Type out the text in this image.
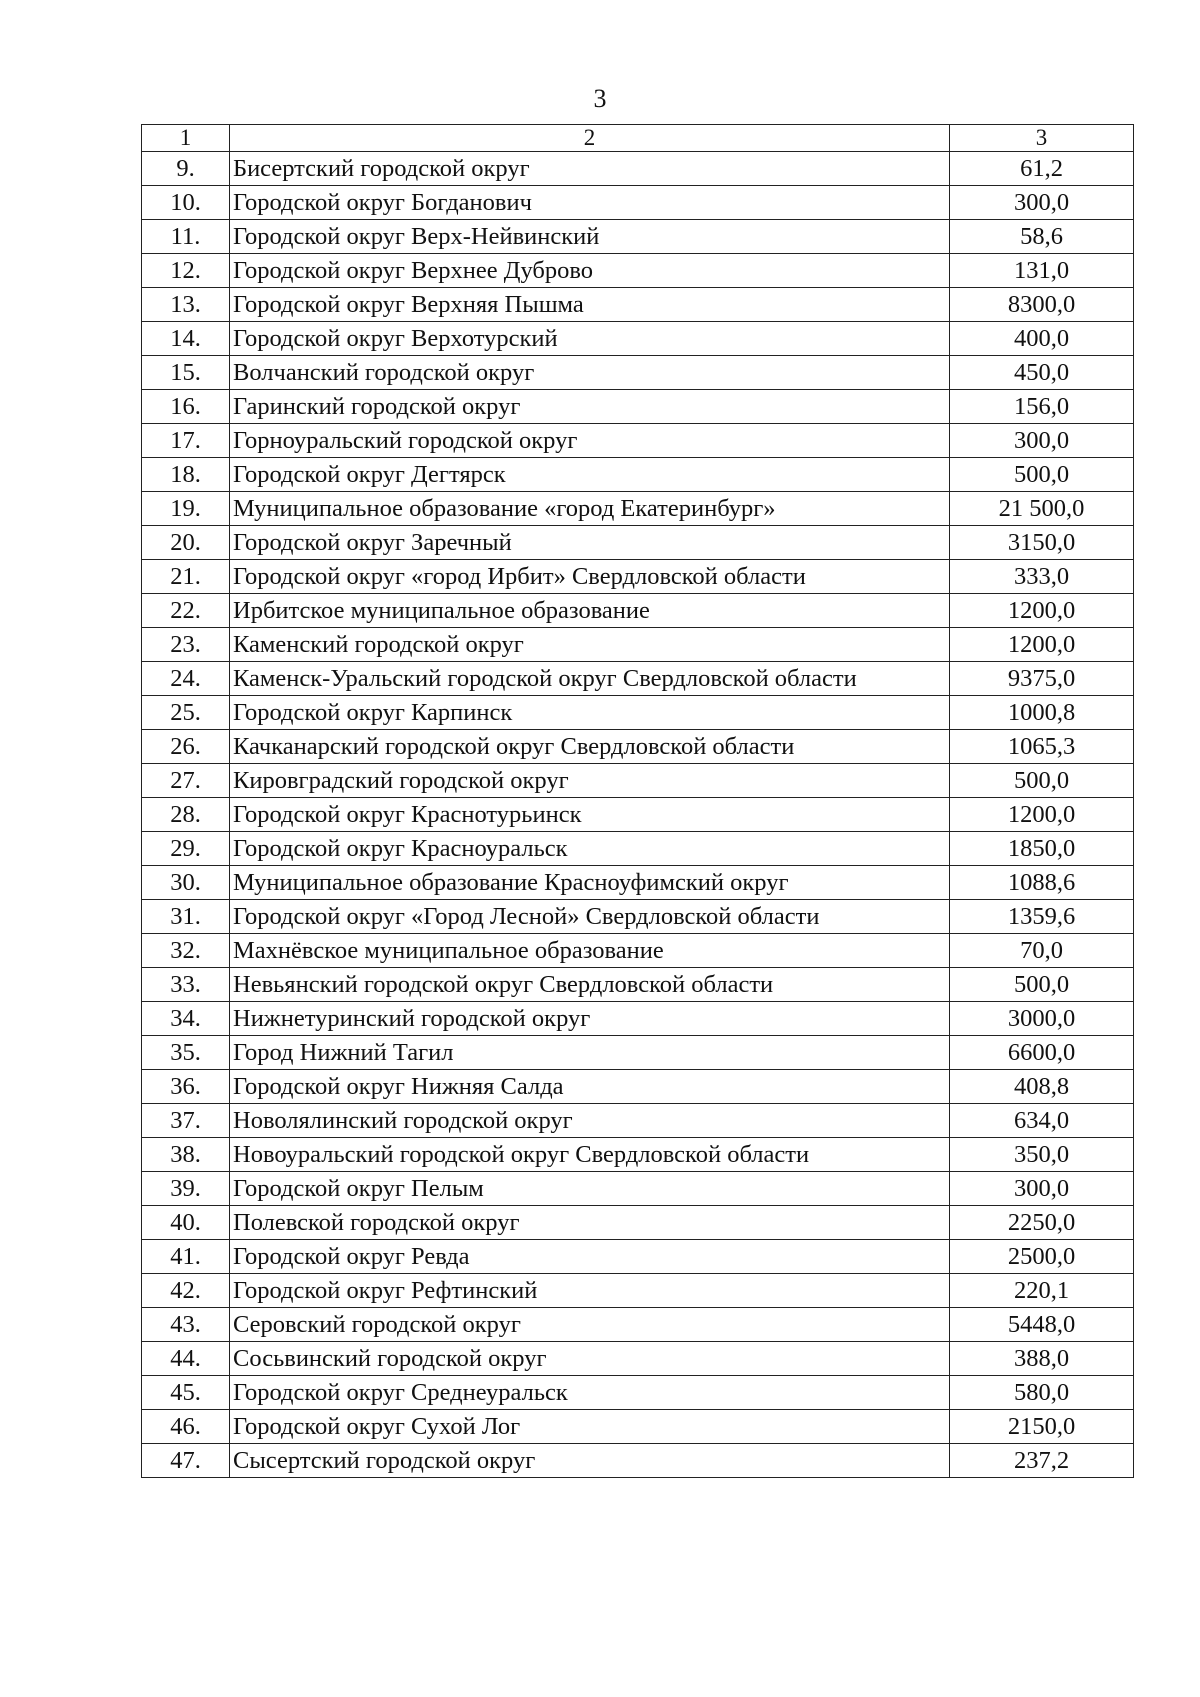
3
1	2	3
9.	Бисертский городской округ	61,2
10.	Городской округ Богданович	300,0
11.	Городской округ Верх-Нейвинский	58,6
12.	Городской округ Верхнее Дуброво	131,0
13.	Городской округ Верхняя Пышма	8300,0
14.	Городской округ Верхотурский	400,0
15.	Волчанский городской округ	450,0
16.	Гаринский городской округ	156,0
17.	Горноуральский городской округ	300,0
18.	Городской округ Дегтярск	500,0
19.	Муниципальное образование «город Екатеринбург»	21 500,0
20.	Городской округ Заречный	3150,0
21.	Городской округ «город Ирбит» Свердловской области	333,0
22.	Ирбитское муниципальное образование	1200,0
23.	Каменский городской округ	1200,0
24.	Каменск-Уральский городской округ Свердловской области	9375,0
25.	Городской округ Карпинск	1000,8
26.	Качканарский городской округ Свердловской области	1065,3
27.	Кировградский городской округ	500,0
28.	Городской округ Краснотурьинск	1200,0
29.	Городской округ Красноуральск	1850,0
30.	Муниципальное образование Красноуфимский округ	1088,6
31.	Городской округ «Город Лесной» Свердловской области	1359,6
32.	Махнёвское муниципальное образование	70,0
33.	Невьянский городской округ Свердловской области	500,0
34.	Нижнетуринский городской округ	3000,0
35.	Город Нижний Тагил	6600,0
36.	Городской округ Нижняя Салда	408,8
37.	Новолялинский городской округ	634,0
38.	Новоуральский городской округ Свердловской области	350,0
39.	Городской округ Пелым	300,0
40.	Полевской городской округ	2250,0
41.	Городской округ Ревда	2500,0
42.	Городской округ Рефтинский	220,1
43.	Серовский городской округ	5448,0
44.	Сосьвинский городской округ	388,0
45.	Городской округ Среднеуральск	580,0
46.	Городской округ Сухой Лог	2150,0
47.	Сысертский городской округ	237,2
